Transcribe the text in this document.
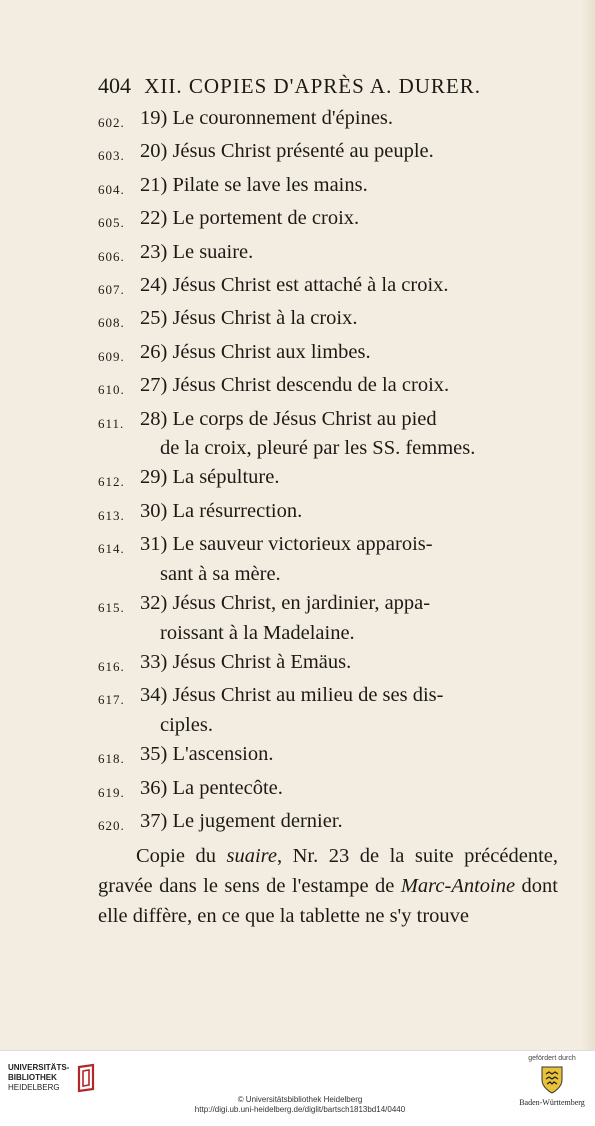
404 XII. COPIES D'APRÈS A. DURER.
602. 19) Le couronnement d'épines.
603. 20) Jésus Christ présenté au peuple.
604. 21) Pilate se lave les mains.
605. 22) Le portement de croix.
606. 23) Le suaire.
607. 24) Jésus Christ est attaché à la croix.
608. 25) Jésus Christ à la croix.
609. 26) Jésus Christ aux limbes.
610. 27) Jésus Christ descendu de la croix.
611. 28) Le corps de Jésus Christ au pied
de la croix, pleuré par les SS. femmes.
612. 29) La sépulture.
613. 30) La résurrection.
614. 31) Le sauveur victorieux apparois-
sant à sa mère.
615. 32) Jésus Christ, en jardinier, appa-
roissant à la Madelaine.
616. 33) Jésus Christ à Emäus.
617. 34) Jésus Christ au milieu de ses dis-
ciples.
618. 35) L'ascension.
619. 36) La pentecôte.
620. 37) Le jugement dernier.
Copie du suaire, Nr. 23 de la suite précédente, gravée dans le sens de l'estampe de Marc-Antoine dont elle diffère, en ce que la tablette ne s'y trouve
UNIVERSITÄTS-
BIBLIOTHEK
HEIDELBERG
© Universitätsbibliothek Heidelberg
http://digi.ub.uni-heidelberg.de/diglit/bartsch1813bd14/0440
gefördert durch
Baden-Württemberg
